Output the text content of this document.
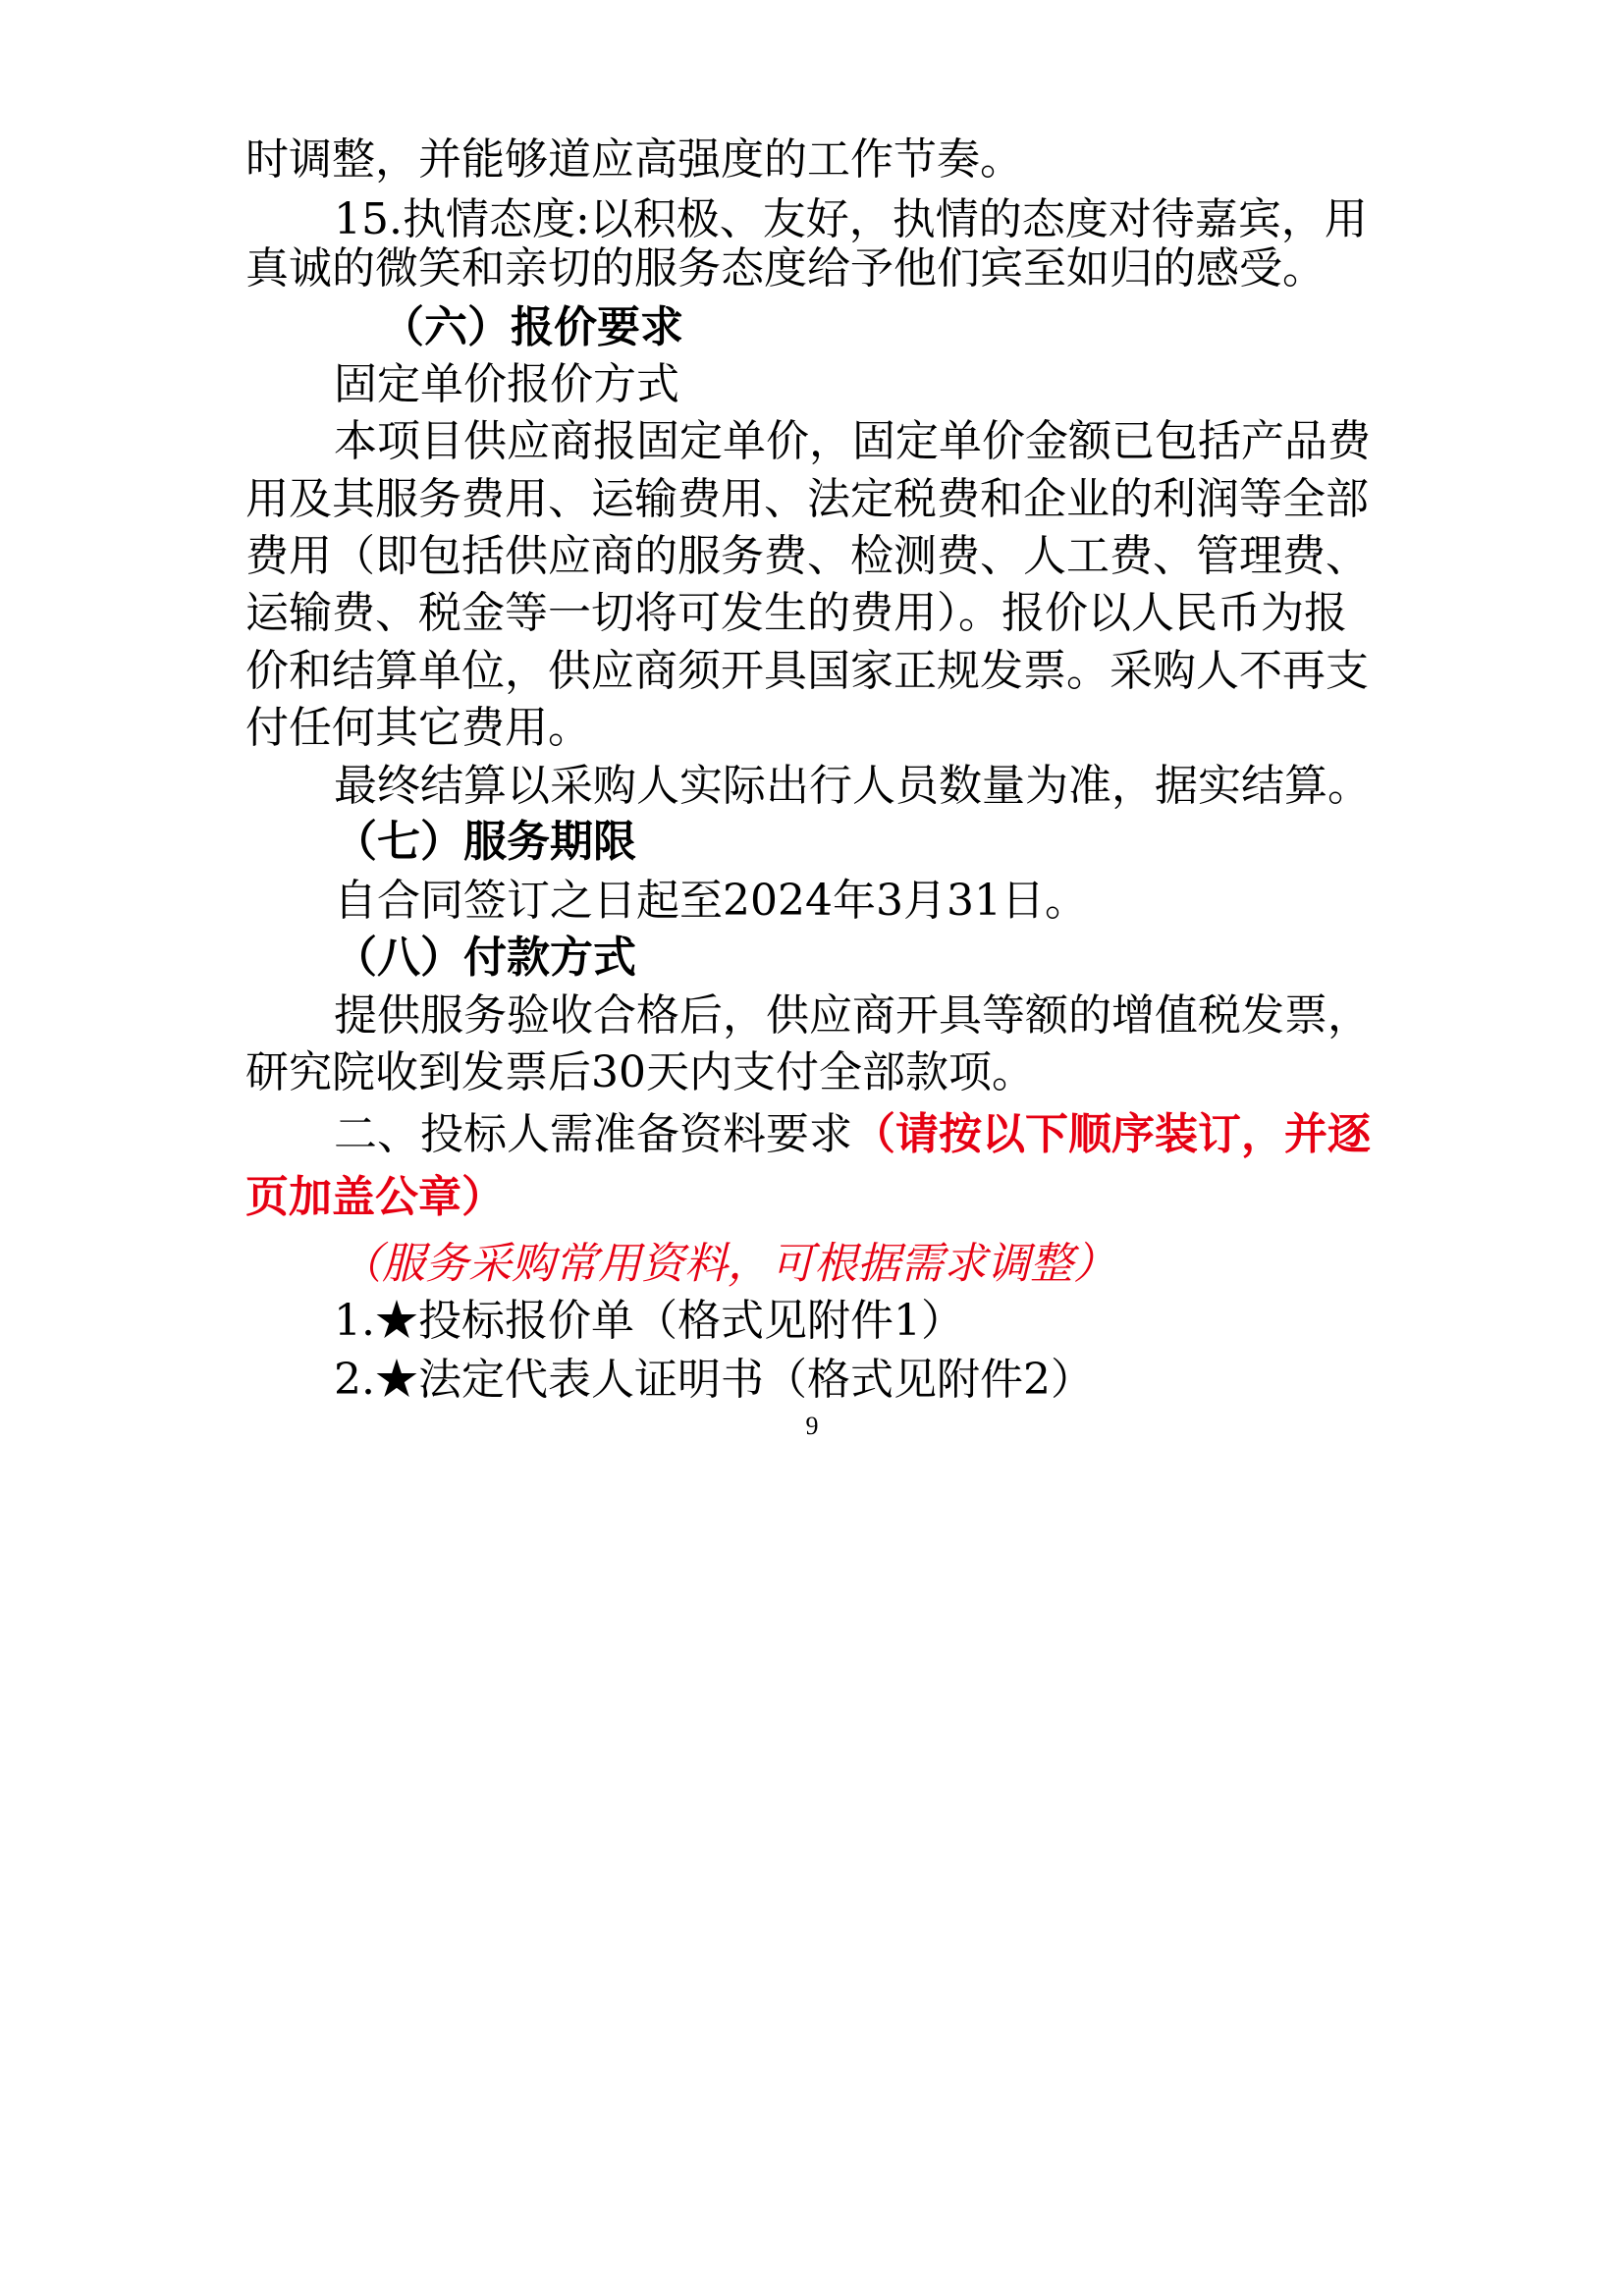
时调整，并能够道应高强度的工作节奏。
15.执情态度:以积极、友好，执情的态度对待嘉宾，用
真诚的微笑和亲切的服务态度给予他们宾至如归的感受。
（六）报价要求
固定单价报价方式
本项目供应商报固定单价，固定单价金额已包括产品费
用及其服务费用、运输费用、法定税费和企业的利润等全部
费用（即包括供应商的服务费、检测费、人工费、管理费、
运输费、税金等一切将可发生的费用）。报价以人民币为报
价和结算单位，供应商须开具国家正规发票。采购人不再支
付任何其它费用。
最终结算以采购人实际出行人员数量为准，据实结算。
（七）服务期限
自合同签订之日起至2024年3月31日。
（八）付款方式
提供服务验收合格后，供应商开具等额的增值税发票，
研究院收到发票后30天内支付全部款项。
二、投标人需准备资料要求（请按以下顺序装订，并逐
页加盖公章）
（服务采购常用资料，可根据需求调整）
1.★投标报价单（格式见附件1）
2.★法定代表人证明书（格式见附件2）
9
